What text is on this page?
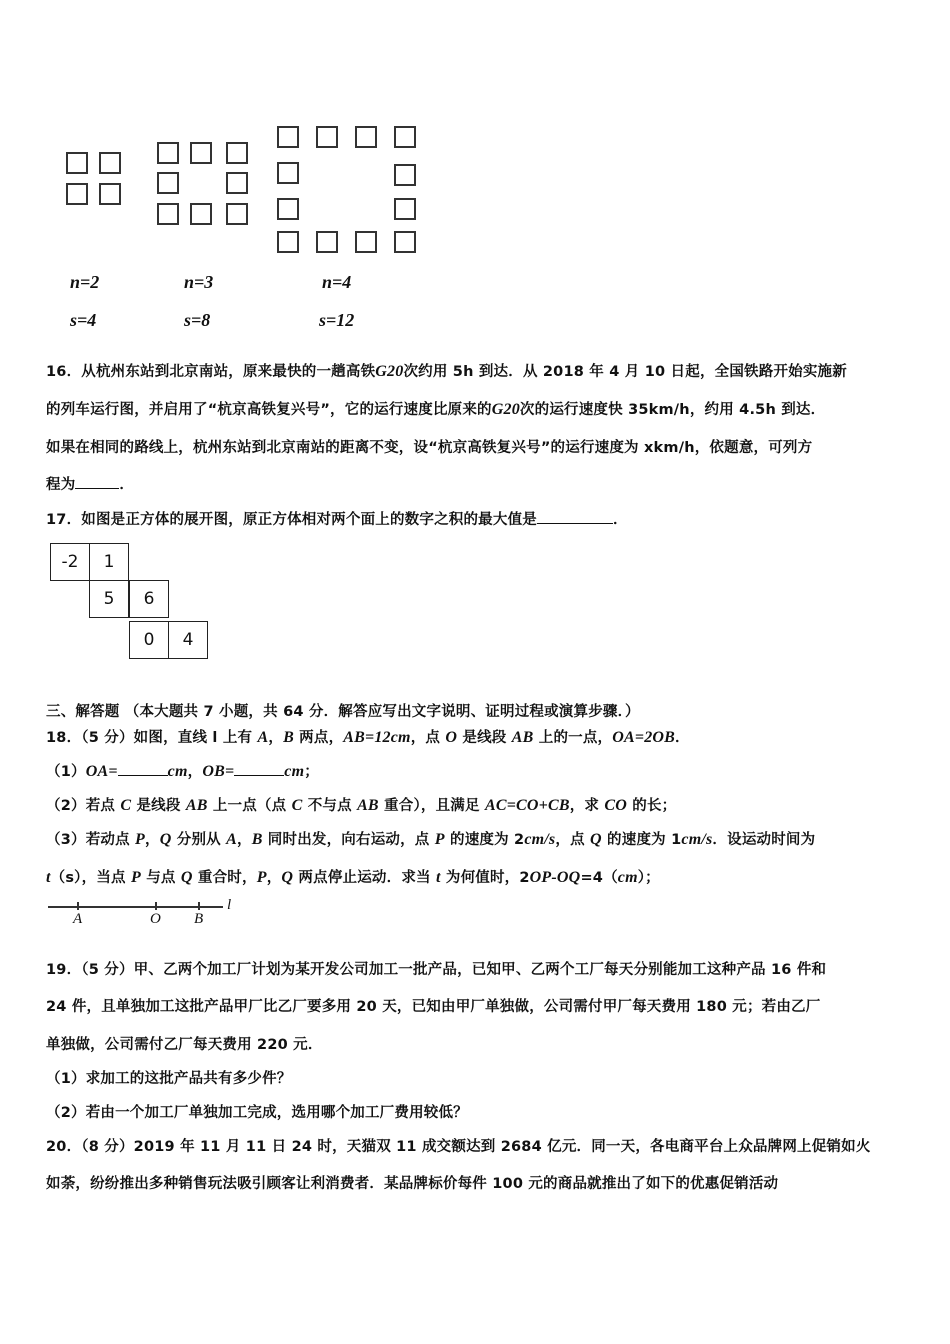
n=2	n=3	n=4
s=4	s=8	s=12
16．从杭州东站到北京南站，原来最快的一趟高铁G20次约用 5h 到达．从 2018 年 4 月 10 日起，全国铁路开始实施新
的列车运行图，并启用了“杭京高铁复兴号”，它的运行速度比原来的G20次的运行速度快 35km/h，约用 4.5h 到达．
如果在相同的路线上，杭州东站到北京南站的距离不变，设“杭京高铁复兴号”的运行速度为 xkm/h，依题意，可列方
程为	．
17．如图是正方体的展开图，原正方体相对两个面上的数字之积的最大值是	．
-2	1
5	6
0	4
三、解答题 （本大题共 7 小题，共 64 分．解答应写出文字说明、证明过程或演算步骤．）
18．（5 分）如图，直线 l 上有 A，B 两点，AB=12cm，点 O 是线段 AB 上的一点，OA=2OB．
（1）OA=	cm，OB=	cm；
（2）若点 C 是线段 AB 上一点（点 C 不与点 AB 重合），且满足 AC=CO+CB，求 CO 的长；
（3）若动点 P，Q 分别从 A，B 同时出发，向右运动，点 P 的速度为 2cm/s，点 Q 的速度为 1cm/s．设运动时间为
t（s），当点 P 与点 Q 重合时，P，Q 两点停止运动．求当 t 为何值时，2OP-OQ=4（cm）；
A	O B
l
19．（5 分）甲、乙两个加工厂计划为某开发公司加工一批产品，已知甲、乙两个工厂每天分别能加工这种产品 16 件和
24 件，且单独加工这批产品甲厂比乙厂要多用 20 天，已知由甲厂单独做，公司需付甲厂每天费用 180 元；若由乙厂
单独做，公司需付乙厂每天费用 220 元．
（1）求加工的这批产品共有多少件？
（2）若由一个加工厂单独加工完成，选用哪个加工厂费用较低？
20．（8 分）2019 年 11 月 11 日 24 时，天猫双 11 成交额达到 2684 亿元．同一天，各电商平台上众品牌网上促销如火
如荼，纷纷推出多种销售玩法吸引顾客让利消费者．某品牌标价每件 100 元的商品就推出了如下的优惠促销活动
